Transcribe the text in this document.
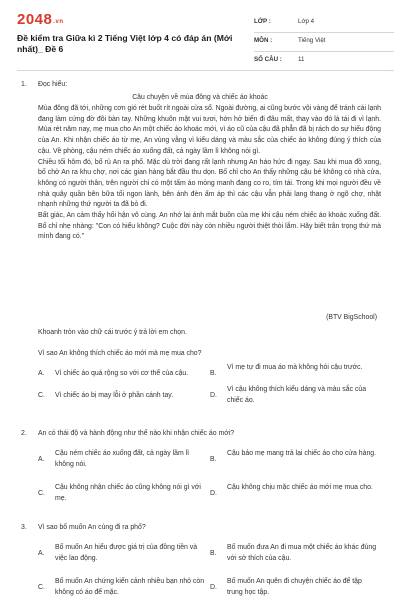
2048.vn
Đề kiểm tra Giữa kì 2 Tiếng Việt lớp 4 có đáp án (Mới nhất)_ Đề 6
LỚP :	Lớp 4
MÔN :	Tiếng Việt
SỐ CÂU :	11
1. Đọc hiểu:
Câu chuyện về mùa đông và chiếc áo khoác

Mùa đông đã tới, những cơn gió rét buốt rít ngoài cửa sổ. Ngoài đường, ai cũng bước vội vàng để tránh cái lạnh đang làm cứng đờ đôi bàn tay. Những khuôn mặt vui tươi, hớn hở biến đi đâu mất, thay vào đó là tái đi vì lạnh. Mùa rét năm nay, mẹ mua cho An một chiếc áo khoác mới, vì áo cũ của cậu đã phẳn đã bị rách do sự hiếu động của An. Khi nhận chiếc áo từ mẹ, An vùng vằng vì kiểu dáng và màu sắc của chiếc áo không đúng ý thích của cậu. Về phòng, cậu ném chiếc áo xuống đất, cả ngày lầm lì không nói gì.

Chiều tối hôm đó, bố rủ An ra phố. Mặc dù trời đang rất lạnh nhưng An háo hức đi ngay. Sau khi mua đồ xong, bố chở An ra khu chợ, nơi các gian hàng bắt đầu thu dọn. Bố chỉ cho An thấy những cậu bé không có nhà cửa, không có người thân, trên người chỉ có một tấm áo mỏng manh đang co ro, tím tái. Trong khi mọi người đều về nhà quây quần bên bữa tối ngon lành, bên ánh đèn ấm áp thì các cậu vẫn phải lang thang ở ngõ chợ, nhặt nhạnh những thứ người ta đã bỏ đi.

Bất giác, An cảm thấy hối hận vô cùng. An nhớ lại ánh mắt buồn của mẹ khi cậu ném chiếc áo khoác xuống đất. Bố chỉ nhẹ nhàng: "Con có hiểu không? Cuộc đời này còn nhiều người thiệt thòi lắm. Hãy biết trân trọng thứ mà mình đang có."

(BTV BigSchool)
Khoanh tròn vào chữ cái trước ý trả lời em chọn.
Vì sao An không thích chiếc áo mới mà mẹ mua cho?
A. Vì chiếc áo quá rộng so với cơ thể của cậu.	B.
Vì mẹ tự đi mua áo mà không hỏi cậu trước.
C. Vì chiếc áo bị may lỗi ở phần cánh tay.	D.
Vì cậu không thích kiểu dáng và màu sắc của chiếc áo.
2. An có thái độ và hành động như thế nào khi nhận chiếc áo mới?
A.
Cậu ném chiếc áo xuống đất, cả ngày lầm lì không nói.
B.
Cậu bảo mẹ mang trả lại chiếc áo cho cửa hàng.
C.
Cậu không nhận chiếc áo cũng không nói gì với mẹ.
D.
Cậu không chịu mặc chiếc áo mới mẹ mua cho.
3. Vì sao bố muốn An cùng đi ra phố?
A.
Bố muốn An hiểu được giá trị của đồng tiền và việc lao động.
B.
Bố muốn đưa An đi mua một chiếc áo khác đúng với sở thích của cậu.
C.
Bố muốn An chứng kiến cảnh nhiều bạn nhỏ còn không có áo để mặc.
D.
Bố muốn An quên đi chuyện chiếc áo để tập trung học tập.
